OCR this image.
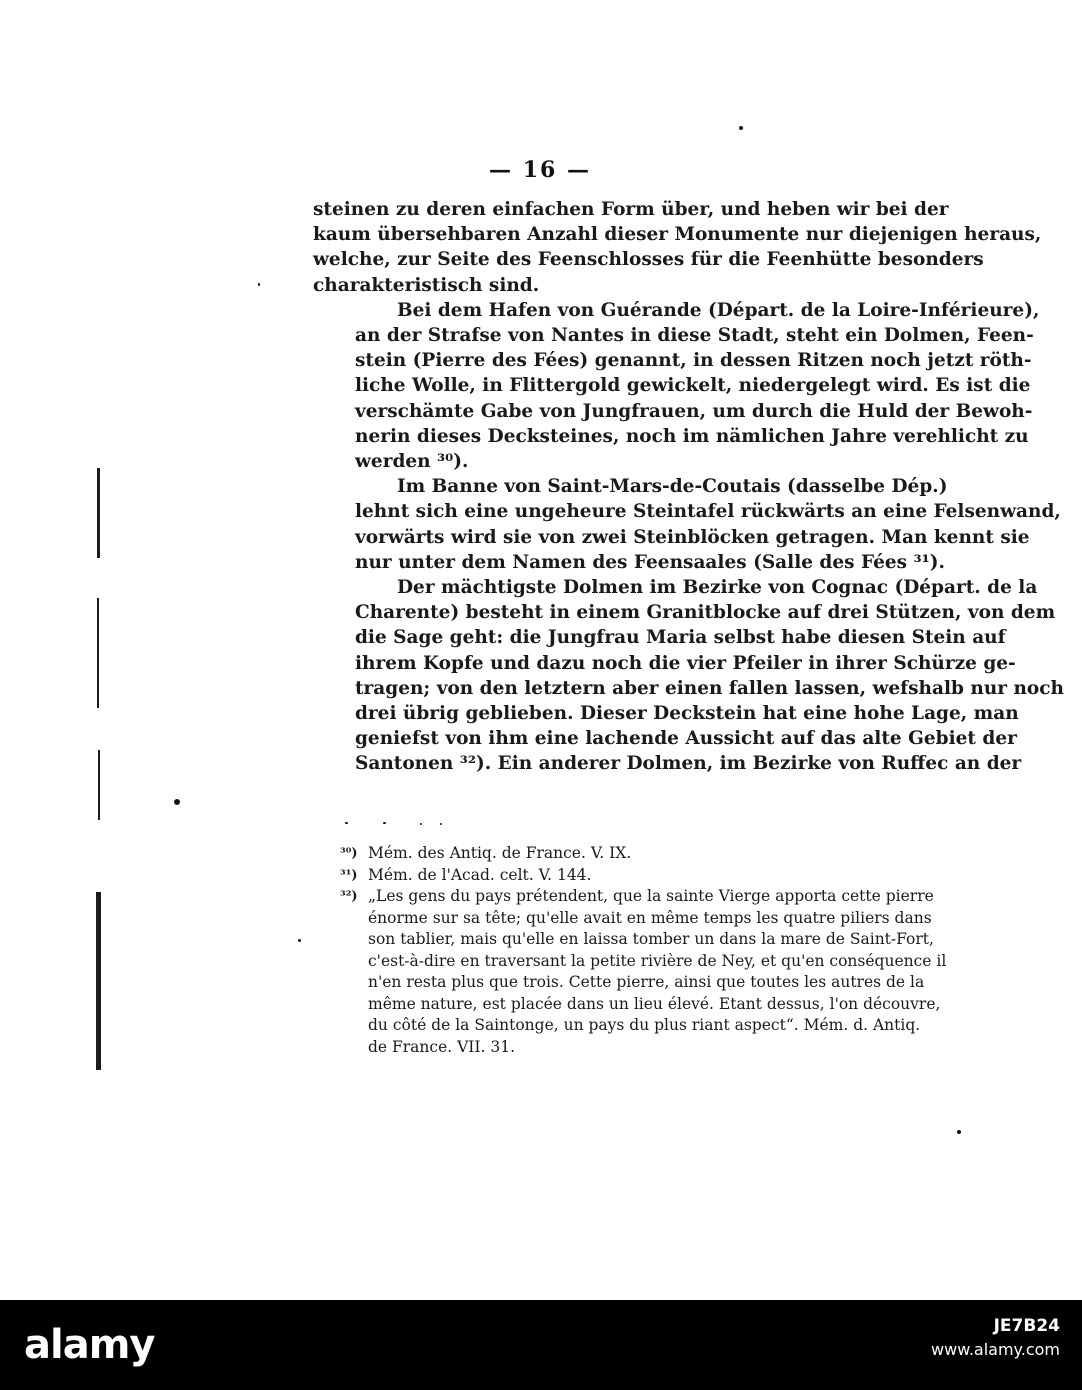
— 16 —

steinen zu deren einfachen Form über, und heben wir bei der
kaum übersehbaren Anzahl dieser Monumente nur diejenigen heraus,
welche, zur Seite des Feenschlosses für die Feenhütte besonders
charakteristisch sind.

Bei dem Hafen von Guérande (Départ. de la Loire-Inférieure),
an der Strafse von Nantes in diese Stadt, steht ein Dolmen, Feen-
stein (Pierre des Fées) genannt, in dessen Ritzen noch jetzt röth-
liche Wolle, in Flittergold gewickelt, niedergelegt wird. Es ist die
verschämte Gabe von Jungfrauen, um durch die Huld der Bewoh-
nerin dieses Decksteines, noch im nämlichen Jahre verehlicht zu
werden ³⁰).

Im Banne von Saint-Mars-de-Coutais (dasselbe Dép.)
lehnt sich eine ungeheure Steintafel rückwärts an eine Felsenwand,
vorwärts wird sie von zwei Steinblöcken getragen. Man kennt sie
nur unter dem Namen des Feensaales (Salle des Fées ³¹).

Der mächtigste Dolmen im Bezirke von Cognac (Départ. de la
Charente) besteht in einem Granitblocke auf drei Stützen, von dem
die Sage geht: die Jungfrau Maria selbst habe diesen Stein auf
ihrem Kopfe und dazu noch die vier Pfeiler in ihrer Schürze ge-
tragen; von den letztern aber einen fallen lassen, wefshalb nur noch
drei übrig geblieben. Dieser Deckstein hat eine hohe Lage, man
geniefst von ihm eine lachende Aussicht auf das alte Gebiet der
Santonen ³²). Ein anderer Dolmen, im Bezirke von Ruffec an der

³⁰) Mém. des Antiq. de France. V. IX.
³¹) Mém. de l'Acad. celt. V. 144.
³²) „Les gens du pays prétendent, que la sainte Vierge apporta cette pierre
énorme sur sa tête; qu'elle avait en même temps les quatre piliers dans
son tablier, mais qu'elle en laissa tomber un dans la mare de Saint-Fort,
c'est-à-dire en traversant la petite rivière de Ney, et qu'en conséquence il
n'en resta plus que trois. Cette pierre, ainsi que toutes les autres de la
même nature, est placée dans un lieu élevé. Etant dessus, l'on découvre,
du côté de la Saintonge, un pays du plus riant aspect“. Mém. d. Antiq.
de France. VII. 31.
alamy	JE7B24
www.alamy.com
